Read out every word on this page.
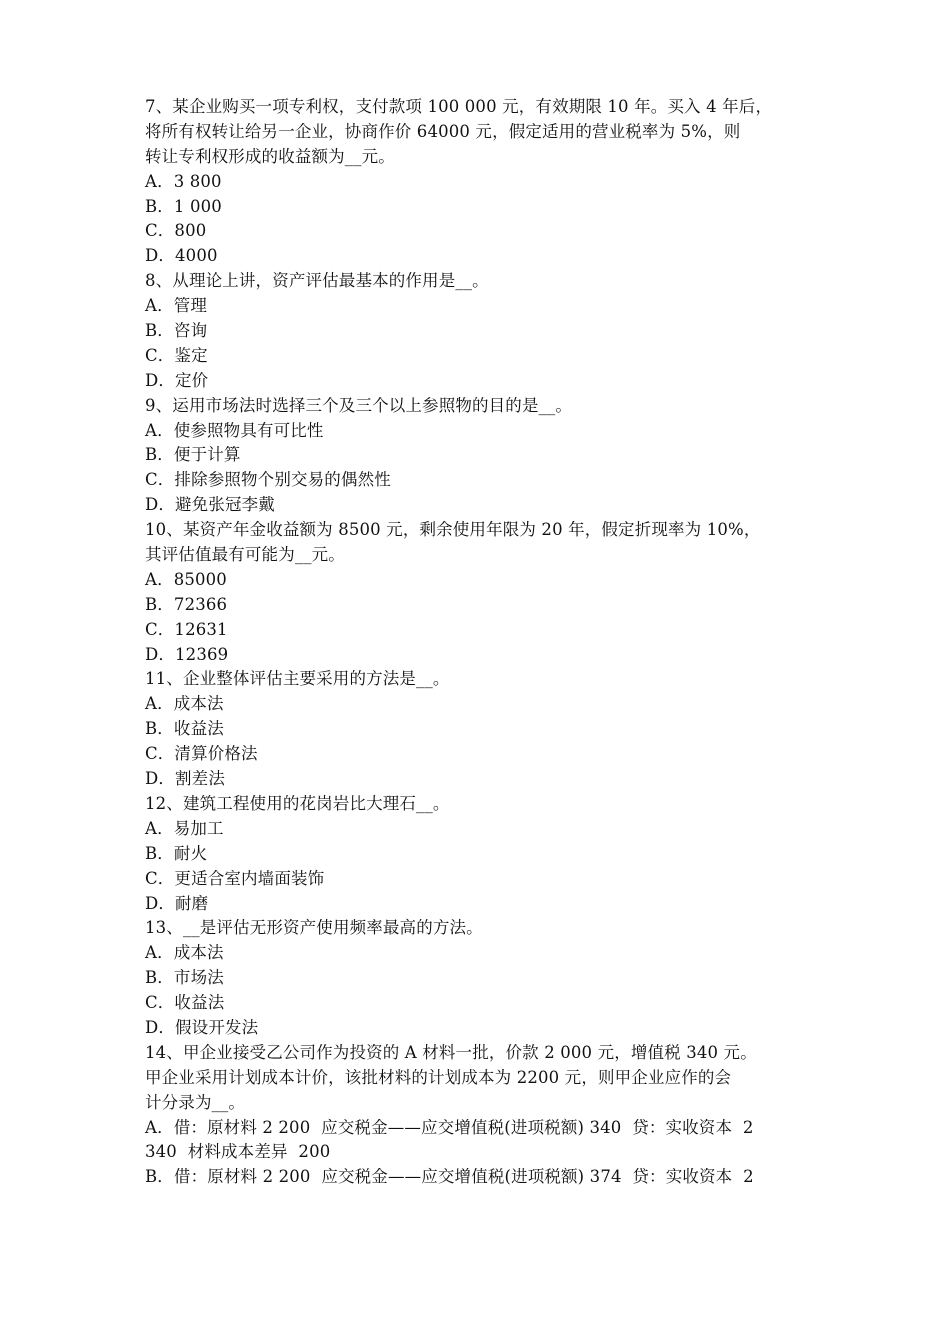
7、某企业购买一项专利权，支付款项 100 000 元，有效期限 10 年。买入 4 年后，
将所有权转让给另一企业，协商作价 64000 元，假定适用的营业税率为 5%，则
转让专利权形成的收益额为__元。
A．3 800
B．1 000
C．800
D．4000
8、从理论上讲，资产评估最基本的作用是__。
A．管理
B．咨询
C．鉴定
D．定价
9、运用市场法时选择三个及三个以上参照物的目的是__。
A．使参照物具有可比性
B．便于计算
C．排除参照物个别交易的偶然性
D．避免张冠李戴
10、某资产年金收益额为 8500 元，剩余使用年限为 20 年，假定折现率为 10%，
其评估值最有可能为__元。
A．85000
B．72366
C．12631
D．12369
11、企业整体评估主要采用的方法是__。
A．成本法
B．收益法
C．清算价格法
D．割差法
12、建筑工程使用的花岗岩比大理石__。
A．易加工
B．耐火
C．更适合室内墙面装饰
D．耐磨
13、__是评估无形资产使用频率最高的方法。
A．成本法
B．市场法
C．收益法
D．假设开发法
14、甲企业接受乙公司作为投资的 A 材料一批，价款 2 000 元，增值税 340 元。
甲企业采用计划成本计价，该批材料的计划成本为 2200 元，则甲企业应作的会
计分录为__。
A．借：原材料 2 200  应交税金——应交增值税(进项税额) 340  贷：实收资本  2
340  材料成本差异  200
B．借：原材料 2 200  应交税金——应交增值税(进项税额) 374  贷：实收资本  2
